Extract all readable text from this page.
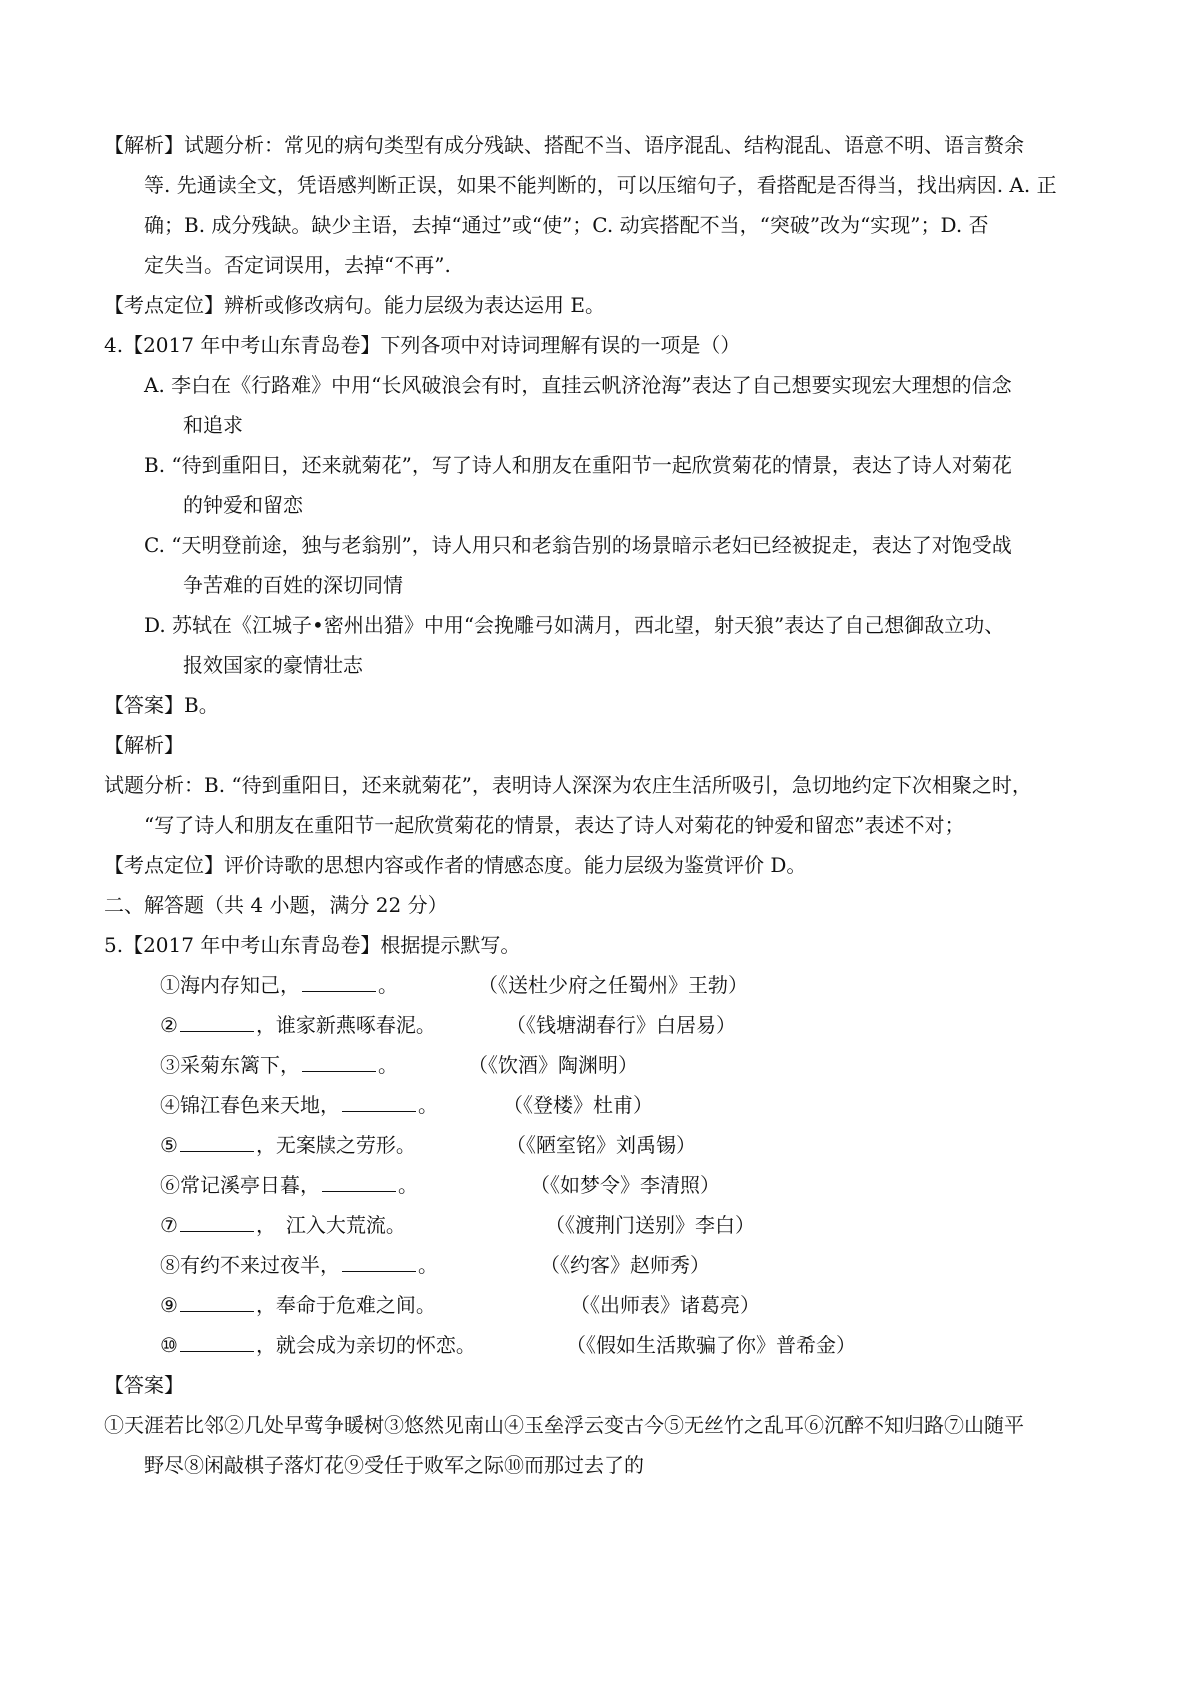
【解析】试题分析：常见的病句类型有成分残缺、搭配不当、语序混乱、结构混乱、语意不明、语言赘余
等. 先通读全文，凭语感判断正误，如果不能判断的，可以压缩句子，看搭配是否得当，找出病因. A. 正
确；B. 成分残缺。缺少主语，去掉“通过”或“使”；C. 动宾搭配不当，“突破”改为“实现”；D. 否
定失当。否定词误用，去掉“不再”.
【考点定位】辨析或修改病句。能力层级为表达运用 E。
4.【2017 年中考山东青岛卷】下列各项中对诗词理解有误的一项是（）
A. 李白在《行路难》中用“长风破浪会有时，直挂云帆济沧海”表达了自己想要实现宏大理想的信念
和追求
B. “待到重阳日，还来就菊花”，写了诗人和朋友在重阳节一起欣赏菊花的情景，表达了诗人对菊花
的钟爱和留恋
C. “天明登前途，独与老翁别”，诗人用只和老翁告别的场景暗示老妇已经被捉走，表达了对饱受战
争苦难的百姓的深切同情
D. 苏轼在《江城子•密州出猎》中用“会挽雕弓如满月，西北望，射天狼”表达了自己想御敌立功、
报效国家的豪情壮志
【答案】B。
【解析】
试题分析：B. “待到重阳日，还来就菊花”，表明诗人深深为农庄生活所吸引，急切地约定下次相聚之时，
“写了诗人和朋友在重阳节一起欣赏菊花的情景，表达了诗人对菊花的钟爱和留恋”表述不对；
【考点定位】评价诗歌的思想内容或作者的情感态度。能力层级为鉴赏评价 D。
二、解答题（共 4 小题，满分 22 分）
5.【2017 年中考山东青岛卷】根据提示默写。
①海内存知己，	。	（《送杜少府之任蜀州》王勃）
②	，谁家新燕啄春泥。	（《钱塘湖春行》白居易）
③采菊东篱下，	。	（《饮酒》陶渊明）
④锦江春色来天地，	。	（《登楼》杜甫）
⑤	，无案牍之劳形。	（《陋室铭》刘禹锡）
⑥常记溪亭日暮，	。	（《如梦令》李清照）
⑦	，　江入大荒流。	（《渡荆门送别》李白）
⑧有约不来过夜半，	。	（《约客》赵师秀）
⑨	，奉命于危难之间。	（《出师表》诸葛亮）
⑩	，就会成为亲切的怀恋。	（《假如生活欺骗了你》普希金）
【答案】
①天涯若比邻②几处早莺争暖树③悠然见南山④玉垒浮云变古今⑤无丝竹之乱耳⑥沉醉不知归路⑦山随平
野尽⑧闲敲棋子落灯花⑨受任于败军之际⑩而那过去了的
